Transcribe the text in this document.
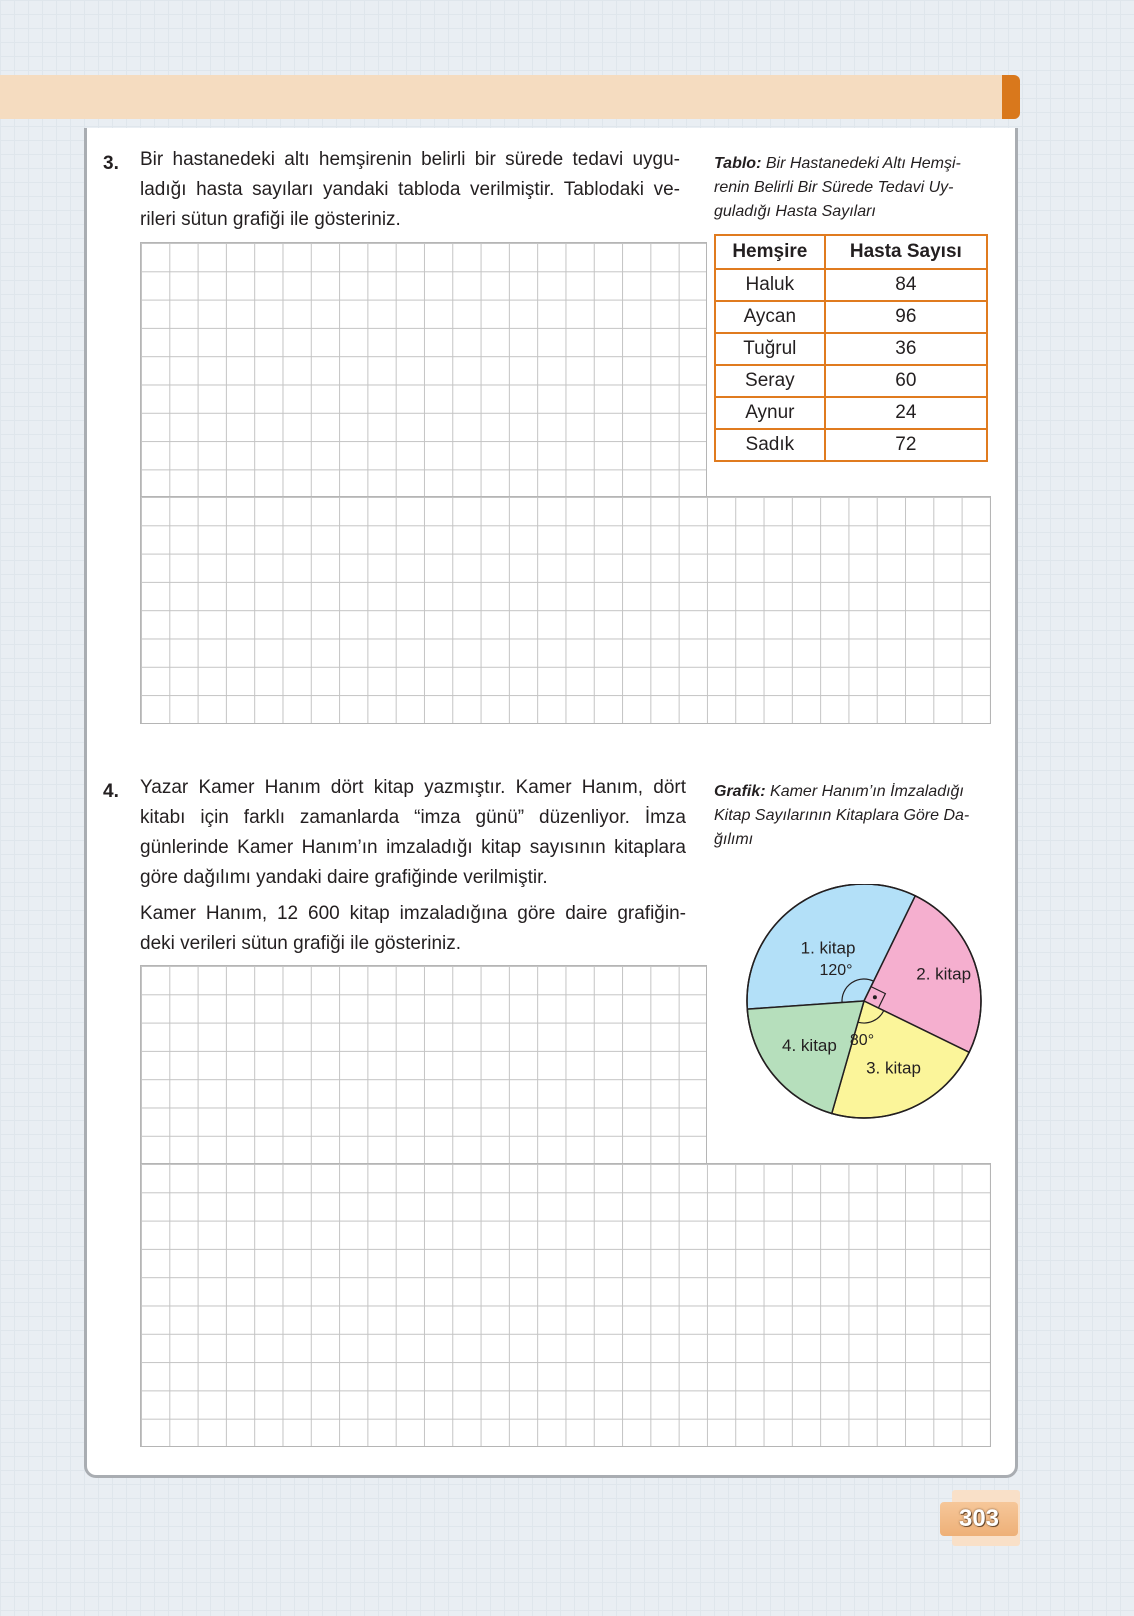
3. Bir hastanedeki altı hemşirenin belirli bir sürede tedavi uygu-

ladığı hasta sayıları yandaki tabloda verilmiştir. Tablodaki ve-

rileri sütun grafiği ile gösteriniz.

Tablo: Bir Hastanedeki Altı Hemşi-
renin Belirli Bir Sürede Tedavi Uy-
guladığı Hasta Sayıları
Hemşire	Hasta Sayısı
Haluk	84
Aycan	96
Tuğrul	36
Seray	60
Aynur	24
Sadık	72
4. Yazar Kamer Hanım dört kitap yazmıştır. Kamer Hanım, dört

kitabı için farklı zamanlarda “imza günü” düzenliyor. İmza

günlerinde Kamer Hanım’ın imzaladığı kitap sayısının kitaplara

göre dağılımı yandaki daire grafiğinde verilmiştir.

Kamer Hanım, 12 600 kitap imzaladığına göre daire grafiğin-

deki verileri sütun grafiği ile gösteriniz.

Grafik: Kamer Hanım’ın İmzaladığı
Kitap Sayılarının Kitaplara Göre Da-
ğılımı
1. kitap
2. kitap
3. kitap
4. kitap
120°
80°
303
